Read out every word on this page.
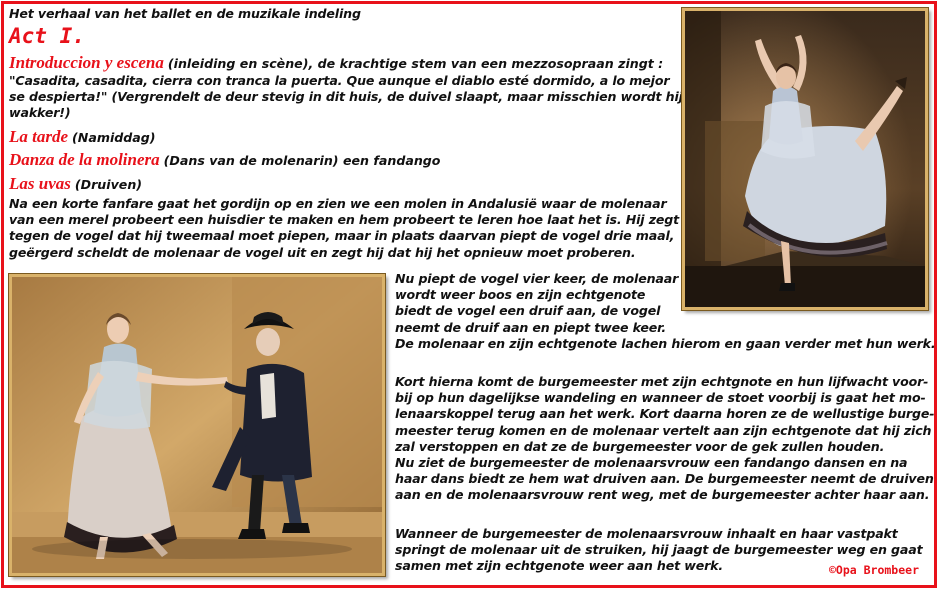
Het verhaal van het ballet en de muzikale indeling
Act I.
Introduccion y escena (inleiding en scène), de krachtige stem van een mezzosopraan zingt :

"Casadita, casadita, cierra con tranca la puerta. Que aunque el diablo esté dormido, a lo mejor

se despierta!" (Vergrendelt de deur stevig in dit huis, de duivel slaapt, maar misschien wordt hij

wakker!)

La tarde (Namiddag)
Danza de la molinera (Dans van de molenarin) een fandango
Las uvas (Druiven)

Na een korte fanfare gaat het gordijn op en zien we een molen in Andalusië waar de molenaar

van een merel probeert een huisdier te maken en hem probeert te leren hoe laat het is. Hij zegt

tegen de vogel dat hij tweemaal moet piepen, maar in plaats daarvan piept de vogel drie maal,

geërgerd scheldt de molenaar de vogel uit en zegt hij dat hij het opnieuw moet proberen.

Nu piept de vogel vier keer, de molenaar

wordt weer boos en zijn echtgenote

biedt de vogel een druif aan, de vogel

neemt de druif aan en piept twee keer.

De molenaar en zijn echtgenote lachen hierom en gaan verder met hun werk.

Kort hierna komt de burgemeester met zijn echtgnote en hun lijfwacht voor-

bij op hun dagelijkse wandeling en wanneer de stoet voorbij is gaat het mo-

lenaarskoppel terug aan het werk. Kort daarna horen ze de wellustige burge-

meester terug komen en de molenaar vertelt aan zijn echtgenote dat hij zich

zal verstoppen en dat ze de burgemeester voor de gek zullen houden.

Nu ziet de burgemeester de molenaarsvrouw een fandango dansen en na

haar dans biedt ze hem wat druiven aan. De burgemeester neemt de druiven

aan en de molenaarsvrouw rent weg, met de burgemeester achter haar aan.

Wanneer de burgemeester de molenaarsvrouw inhaalt en haar vastpakt

springt de molenaar uit de struiken, hij jaagt de burgemeester weg en gaat

samen met zijn echtgenote weer aan het werk.	©Opa Brombeer
